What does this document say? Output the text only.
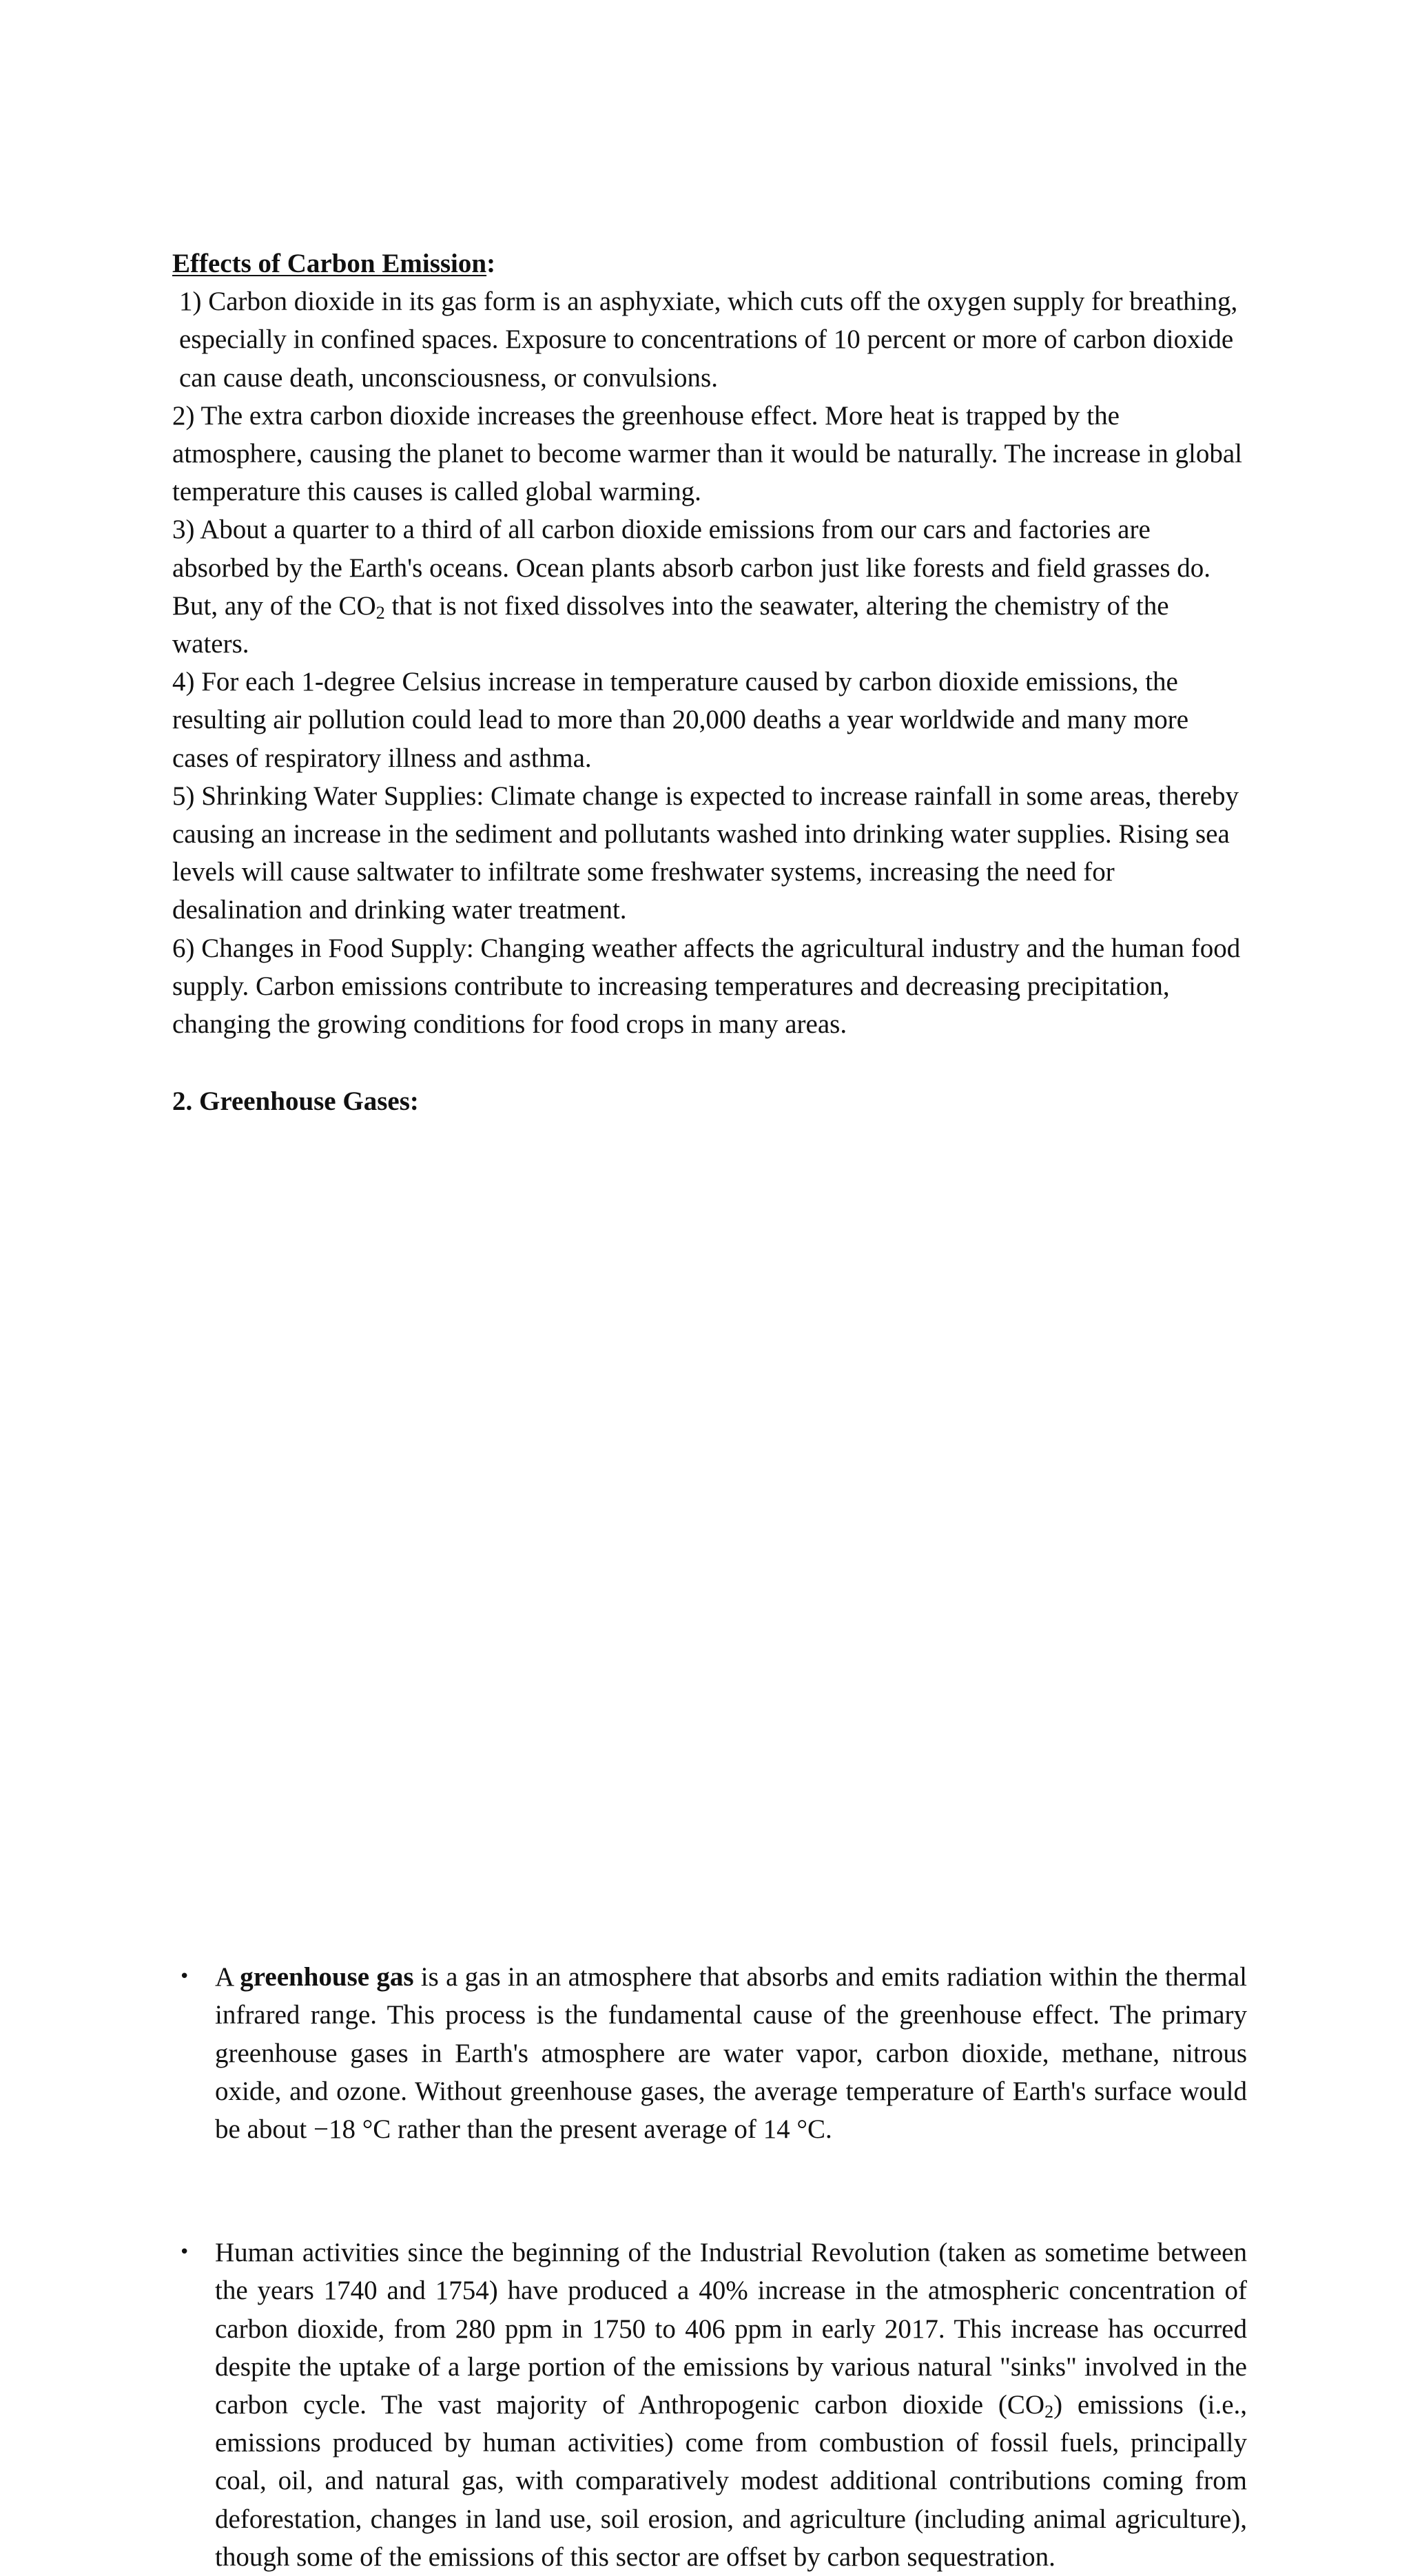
Effects of Carbon Emission:
1) Carbon dioxide in its gas form is an asphyxiate, which cuts off the oxygen supply for breathing, especially in confined spaces. Exposure to concentrations of 10 percent or more of carbon dioxide can cause death, unconsciousness, or convulsions.
2) The extra carbon dioxide increases the greenhouse effect. More heat is trapped by the atmosphere, causing the planet to become warmer than it would be naturally. The increase in global temperature this causes is called global warming.
3) About a quarter to a third of all carbon dioxide emissions from our cars and factories are absorbed by the Earth's oceans. Ocean plants absorb carbon just like forests and field grasses do. But, any of the $CO_2$ that is not fixed dissolves into the seawater, altering the chemistry of the waters.
4) For each 1-degree Celsius increase in temperature caused by carbon dioxide emissions, the resulting air pollution could lead to more than 20,000 deaths a year worldwide and many more cases of respiratory illness and asthma.
5) Shrinking Water Supplies: Climate change is expected to increase rainfall in some areas, thereby causing an increase in the sediment and pollutants washed into drinking water supplies. Rising sea levels will cause saltwater to infiltrate some freshwater systems, increasing the need for desalination and drinking water treatment.
6) Changes in Food Supply: Changing weather affects the agricultural industry and the human food supply. Carbon emissions contribute to increasing temperatures and decreasing precipitation, changing the growing conditions for food crops in many areas.
2. Greenhouse Gases:
• A greenhouse gas is a gas in an atmosphere that absorbs and emits radiation within the thermal infrared range. This process is the fundamental cause of the greenhouse effect. The primary greenhouse gases in Earth's atmosphere are water vapor, carbon dioxide, methane, nitrous oxide, and ozone. Without greenhouse gases, the average temperature of Earth's surface would be about −18 °C rather than the present average of 14 °C.
• Human activities since the beginning of the Industrial Revolution (taken as sometime between the years 1740 and 1754) have produced a 40% increase in the atmospheric concentration of carbon dioxide, from 280 ppm in 1750 to 406 ppm in early 2017. This increase has occurred despite the uptake of a large portion of the emissions by various natural "sinks" involved in the carbon cycle. The vast majority of Anthropogenic carbon dioxide $(CO_2)$ emissions (i.e., emissions produced by human activities) come from combustion of fossil fuels, principally coal, oil, and natural gas, with comparatively modest additional contributions coming from deforestation, changes in land use, soil erosion, and agriculture (including animal agriculture), though some of the emissions of this sector are offset by carbon sequestration.
